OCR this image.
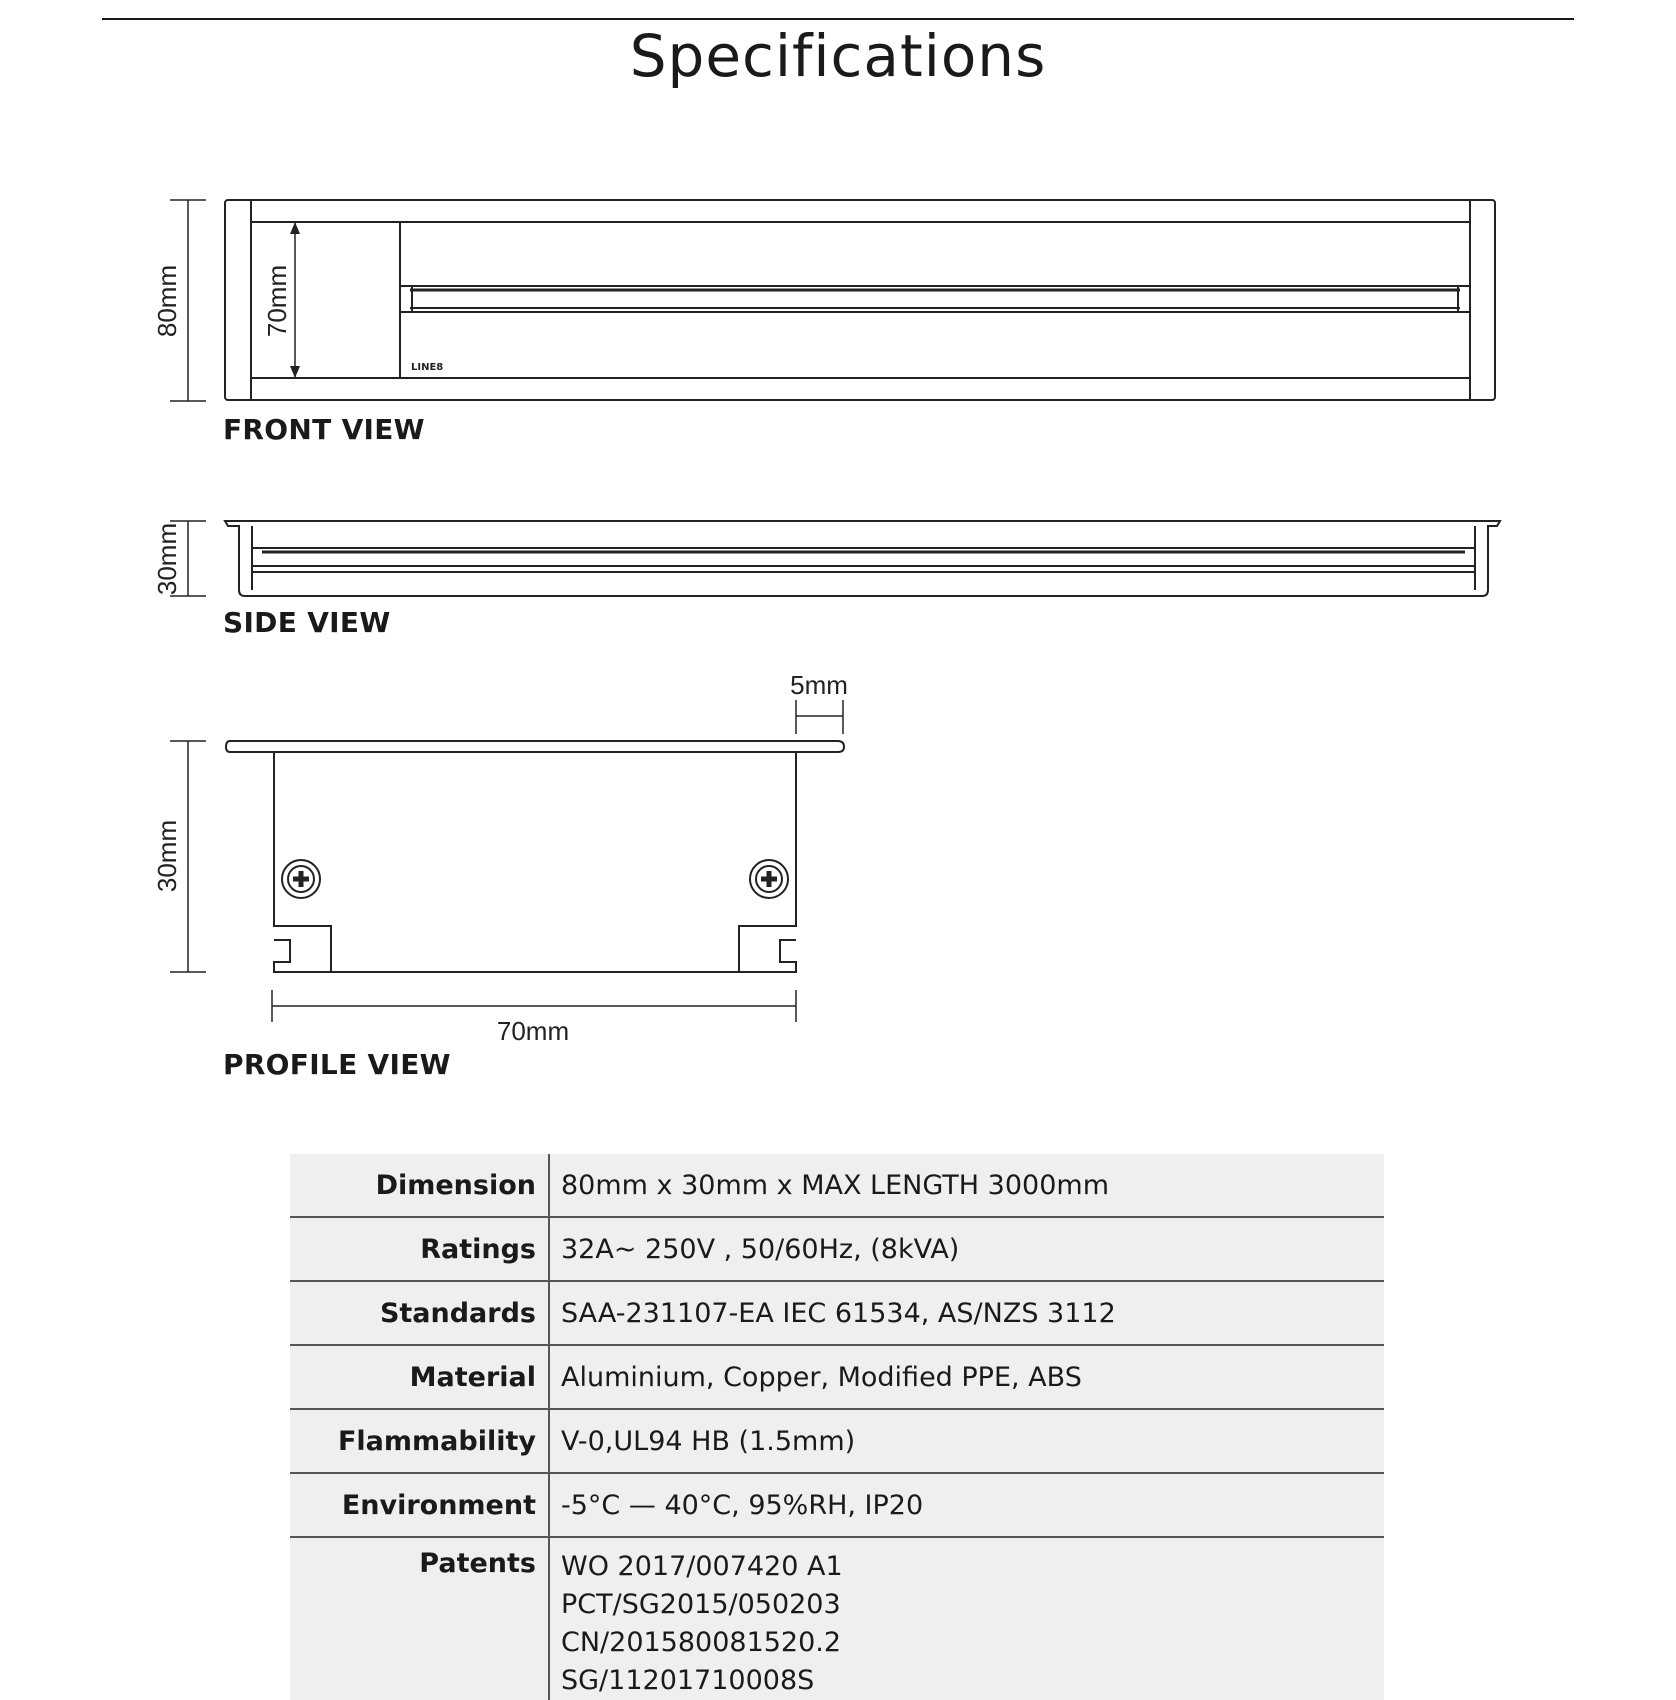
Specifications
80mm	70mm
LINE8
30mm
30mm
70mm
5mm
FRONT VIEW
SIDE VIEW
PROFILE VIEW
Dimension	80mm x 30mm x MAX LENGTH 3000mm
Ratings	32A~ 250V , 50/60Hz, (8kVA)
Standards	SAA-231107-EA IEC 61534, AS/NZS 3112
Material	Aluminium, Copper, Modified PPE, ABS
Flammability	V-0,UL94 HB (1.5mm)
Environment	-5°C — 40°C, 95%RH, IP20
Patents	WO 2017/007420 A1
PCT/SG2015/050203
CN/201580081520.2
SG/11201710008S
